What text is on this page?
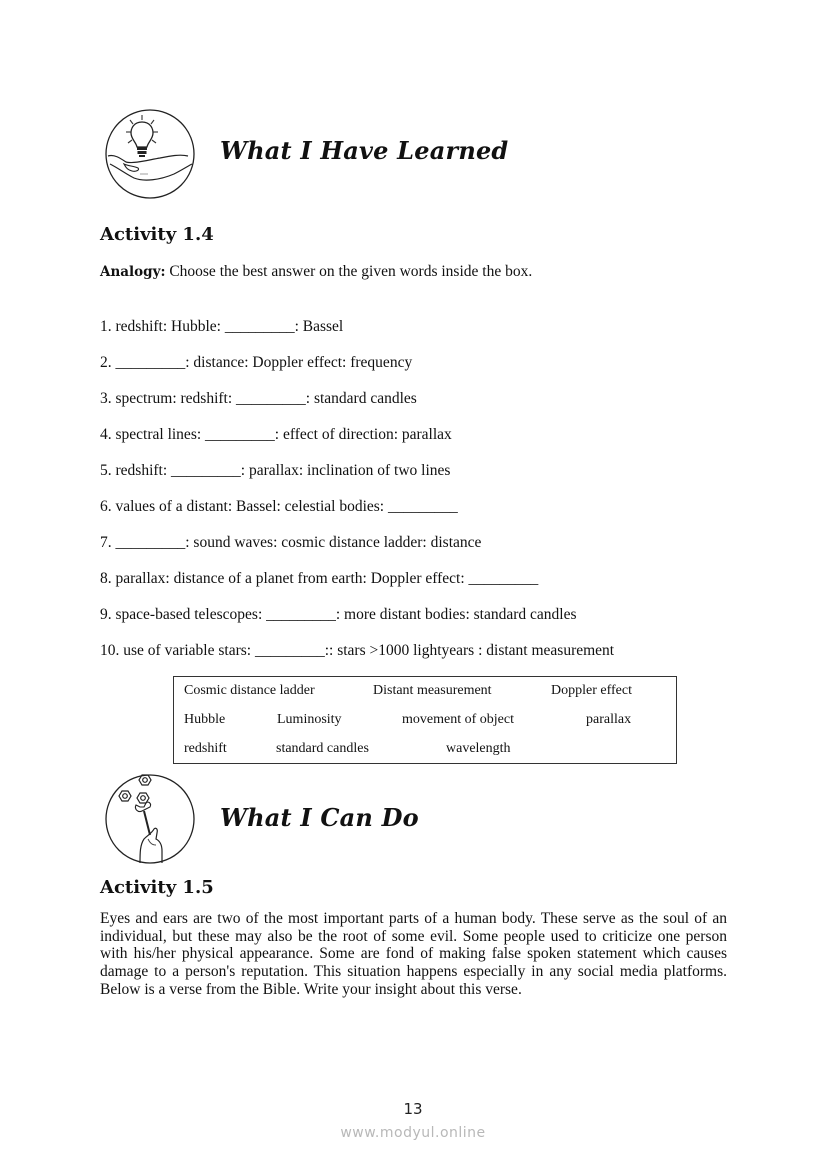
What I Have Learned
Activity 1.4
Analogy: Choose the best answer on the given words inside the box.
1. redshift: Hubble: _________: Bassel
2. _________: distance: Doppler effect: frequency
3. spectrum: redshift: _________: standard candles
4. spectral lines: _________: effect of direction: parallax
5. redshift: _________: parallax: inclination of two lines
6. values of a distant: Bassel: celestial bodies: _________
7. _________: sound waves: cosmic distance ladder: distance
8. parallax: distance of a planet from earth: Doppler effect: _________
9. space-based telescopes: _________: more distant bodies: standard candles
10. use of variable stars: _________:: stars >1000 lightyears : distant measurement
Cosmic distance ladder	Distant measurement	Doppler effect
Hubble	Luminosity	movement of object	parallax
redshift	standard candles	wavelength
What I Can Do
Activity 1.5
Eyes and ears are two of the most important parts of a human body. These serve as the soul of an individual, but these may also be the root of some evil. Some people used to criticize one person with his/her physical appearance. Some are fond of making false spoken statement which causes damage to a person's reputation. This situation happens especially in any social media platforms. Below is a verse from the Bible. Write your insight about this verse.
13
www.modyul.online
